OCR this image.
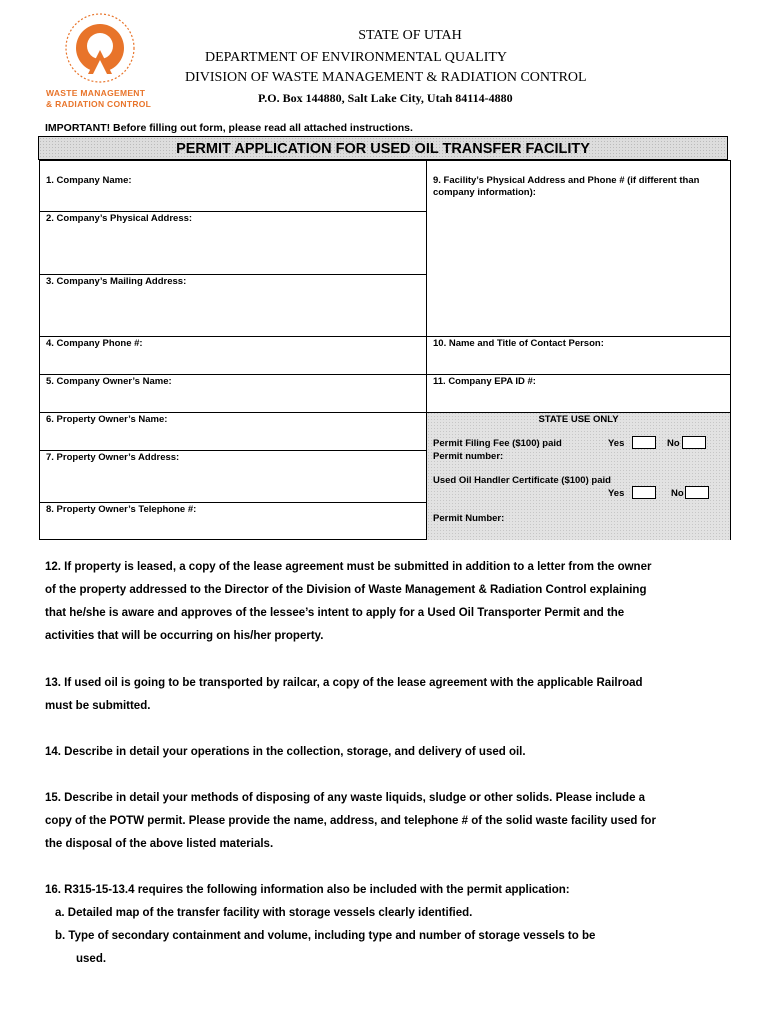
WASTE MANAGEMENT
& RADIATION CONTROL
STATE OF UTAH
DEPARTMENT OF ENVIRONMENTAL QUALITY
DIVISION OF WASTE MANAGEMENT & RADIATION CONTROL
P.O. Box 144880, Salt Lake City, Utah 84114-4880
IMPORTANT! Before filling out form, please read all attached instructions.
PERMIT APPLICATION FOR USED OIL TRANSFER FACILITY
1. Company Name:
2. Company’s Physical Address:
3. Company’s Mailing Address:
4. Company Phone #:
5. Company Owner’s Name:
6. Property Owner’s Name:
7. Property Owner’s Address:
8. Property Owner’s Telephone #:
9. Facility’s Physical Address and Phone # (if different than
company information):
10. Name and Title of Contact Person:
11. Company EPA ID #:
STATE USE ONLY
Permit Filing Fee ($100) paid	Yes	No
Permit number:
Used Oil Handler Certificate ($100) paid
Yes	No
Permit Number:
12. If property is leased, a copy of the lease agreement must be submitted in addition to a letter from the owner
of the property addressed to the Director of the Division of Waste Management & Radiation Control explaining
that he/she is aware and approves of the lessee’s intent to apply for a Used Oil Transporter Permit and the
activities that will be occurring on his/her property.
13. If used oil is going to be transported by railcar, a copy of the lease agreement with the applicable Railroad
must be submitted.
14. Describe in detail your operations in the collection, storage, and delivery of used oil.
15. Describe in detail your methods of disposing of any waste liquids, sludge or other solids. Please include a
copy of the POTW permit. Please provide the name, address, and telephone # of the solid waste facility used for
the disposal of the above listed materials.
16. R315-15-13.4 requires the following information also be included with the permit application:
a. Detailed map of the transfer facility with storage vessels clearly identified.
b. Type of secondary containment and volume, including type and number of storage vessels to be
used.
